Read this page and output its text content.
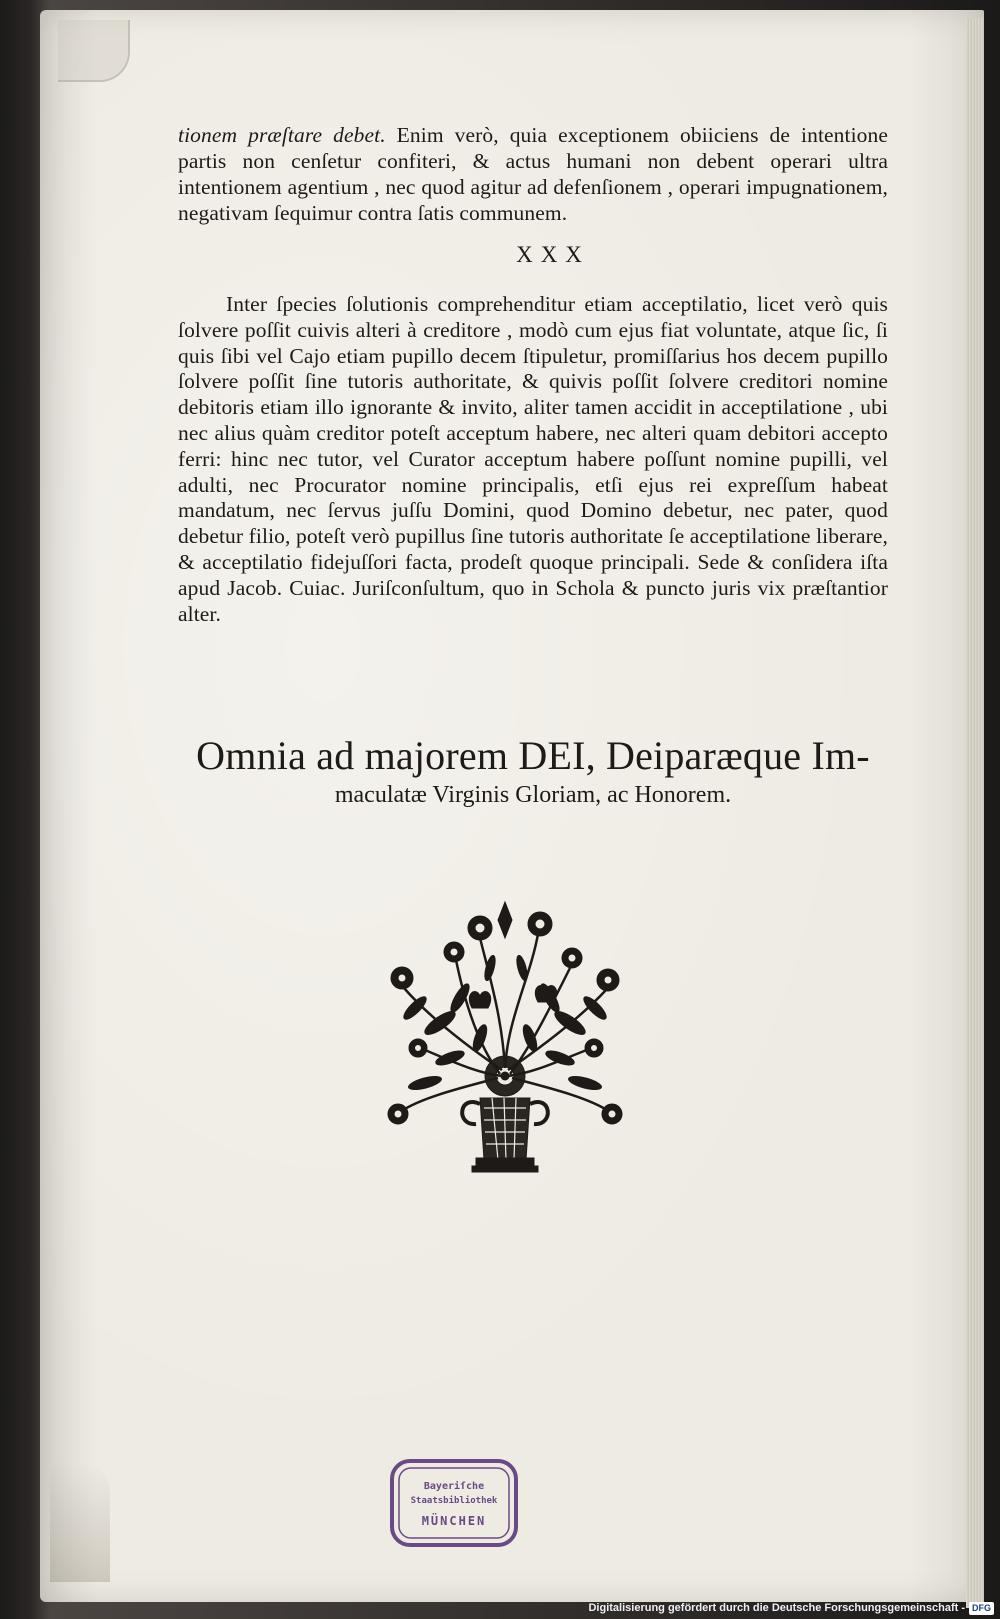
tionem præſtare debet. Enim verò, quia exceptionem obiiciens de intentione partis non cenſetur confiteri, & actus humani non debent operari ultra intentionem agentium , nec quod agitur ad defenſionem , operari impugnationem, negativam ſequimur contra ſatis communem.

XXX

Inter ſpecies ſolutionis comprehenditur etiam acceptilatio, licet verò quis ſolvere poſſit cuivis alteri à creditore , modò cum ejus fiat voluntate, atque ſic, ſi quis ſibi vel Cajo etiam pupillo decem ſtipuletur, promiſſarius hos decem pupillo ſolvere poſſit ſine tutoris authoritate, & quivis poſſit ſolvere creditori nomine debitoris etiam illo ignorante & invito, aliter tamen accidit in acceptilatione , ubi nec alius quàm creditor poteſt acceptum habere, nec alteri quam debitori accepto ferri: hinc nec tutor, vel Curator acceptum habere poſſunt nomine pupilli, vel adulti, nec Procurator nomine principalis, etſi ejus rei expreſſum habeat mandatum, nec ſervus juſſu Domini, quod Domino debetur, nec pater, quod debetur filio, poteſt verò pupillus ſine tutoris authoritate ſe acceptilatione liberare, & acceptilatio fidejuſſori facta, prodeſt quoque principali. Sede & conſidera iſta apud Jacob. Cuiac. Juriſconſultum, quo in Schola & puncto juris vix præſtantior alter.

Omnia ad majorem DEI, Deiparæque Im-
maculatæ Virginis Gloriam, ac Honorem.
Bayeriſche
Staatsbibliothek
MÜNCHEN
Digitalisierung gefördert durch die Deutsche Forschungsgemeinschaft - DFG
